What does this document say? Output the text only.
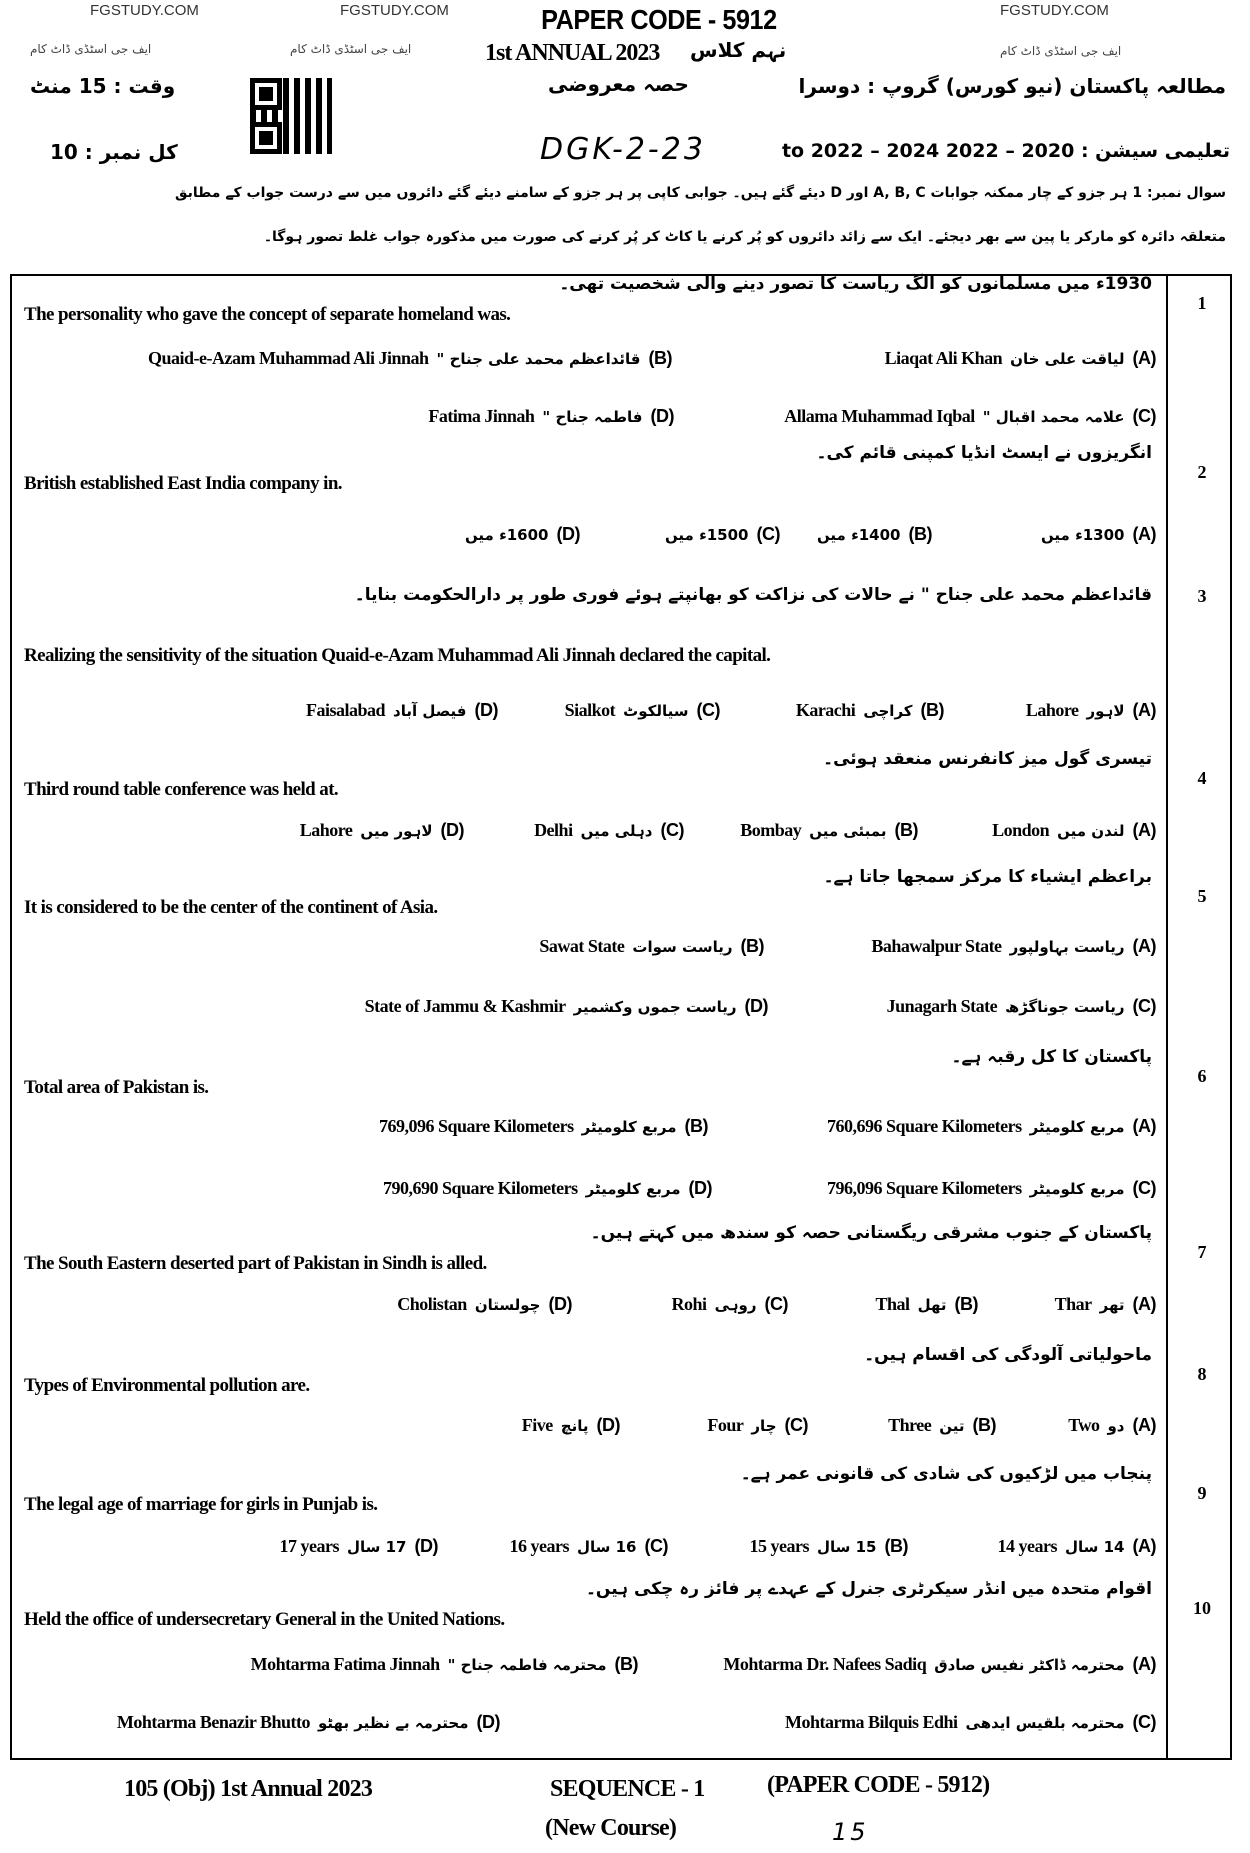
PAPER CODE - 5912
1st ANNUAL 2023 نہم کلاس
مطالعہ پاکستان (نیو کورس) گروپ : دوسرا
حصہ معروضی
وقت : 15 منٹ
کل نمبر : 10	DGK-2-23	تعلیمی سیشن : 2020 – 2022 to 2022 – 2024
سوال نمبر: 1 ہر جزو کے چار ممکنہ جوابات A, B, C اور D دیئے گئے ہیں۔ جوابی کاپی پر ہر جزو کے سامنے دیئے گئے دائروں میں سے درست جواب کے مطابق
متعلقہ دائرہ کو مارکر یا پین سے بھر دیجئے۔ ایک سے زائد دائروں کو پُر کرنے یا کاٹ کر پُر کرنے کی صورت میں مذکورہ جواب غلط تصور ہوگا۔
1
1930ء میں مسلمانوں کو الگ ریاست کا تصور دینے والی شخصیت تھی۔
The personality who gave the concept of separate homeland was.
Liaqat Ali Khan لیاقت علی خان (A)
Quaid-e-Azam Muhammad Ali Jinnah قائداعظم محمد علی جناح " (B)
Allama Muhammad Iqbal علامہ محمد اقبال " (C)
Fatima Jinnah فاطمہ جناح " (D)
2
انگریزوں نے ایسٹ انڈیا کمپنی قائم کی۔
British established East India company in.
1300ء میں (A)
1400ء میں (B)
1500ء میں (C)
1600ء میں (D)
3
قائداعظم محمد علی جناح " نے حالات کی نزاکت کو بھانپتے ہوئے فوری طور پر دارالحکومت بنایا۔
Realizing the sensitivity of the situation Quaid-e-Azam Muhammad Ali Jinnah declared the capital.
Lahore لاہور (A)
Karachi کراچی (B)
Sialkot سیالکوٹ (C)
Faisalabad فیصل آباد (D)
4
تیسری گول میز کانفرنس منعقد ہوئی۔
Third round table conference was held at.
London لندن میں (A)
Bombay بمبئی میں (B)
Delhi دہلی میں (C)
Lahore لاہور میں (D)
5
براعظم ایشیاء کا مرکز سمجھا جاتا ہے۔
It is considered to be the center of the continent of Asia.
Bahawalpur State ریاست بہاولپور (A)
Sawat State ریاست سوات (B)
Junagarh State ریاست جوناگڑھ (C)
State of Jammu & Kashmir ریاست جموں وکشمیر (D)
6
پاکستان کا کل رقبہ ہے۔
Total area of Pakistan is.
760,696 Square Kilometers مربع کلومیٹر (A)
769,096 Square Kilometers مربع کلومیٹر (B)
796,096 Square Kilometers مربع کلومیٹر (C)
790,690 Square Kilometers مربع کلومیٹر (D)
7
پاکستان کے جنوب مشرقی ریگستانی حصہ کو سندھ میں کہتے ہیں۔
The South Eastern deserted part of Pakistan in Sindh is alled.
Thar تھر (A)
Thal تھل (B)
Rohi روہی (C)
Cholistan چولستان (D)
8
ماحولیاتی آلودگی کی اقسام ہیں۔
Types of Environmental pollution are.
Two دو (A)
Three تین (B)
Four چار (C)
Five پانچ (D)
9
پنجاب میں لڑکیوں کی شادی کی قانونی عمر ہے۔
The legal age of marriage for girls in Punjab is.
14 years 14 سال (A)
15 years 15 سال (B)
16 years 16 سال (C)
17 years 17 سال (D)
10
اقوام متحدہ میں انڈر سیکرٹری جنرل کے عہدے پر فائز رہ چکی ہیں۔
Held the office of undersecretary General in the United Nations.
Mohtarma Dr. Nafees Sadiq محترمہ ڈاکٹر نفیس صادق (A)
Mohtarma Fatima Jinnah محترمہ فاطمہ جناح " (B)
Mohtarma Bilquis Edhi محترمہ بلقیس ایدھی (C)
Mohtarma Benazir Bhutto محترمہ بے نظیر بھٹو (D)
105 (Obj) 1st Annual 2023	SEQUENCE - 1	(PAPER CODE - 5912)
(New Course)	15
FGSTUDY.COM	FGSTUDY.COM	FGSTUDY.COM
ایف جی اسٹڈی ڈاٹ کام	ایف جی اسٹڈی ڈاٹ کام	ایف جی اسٹڈی ڈاٹ کام
